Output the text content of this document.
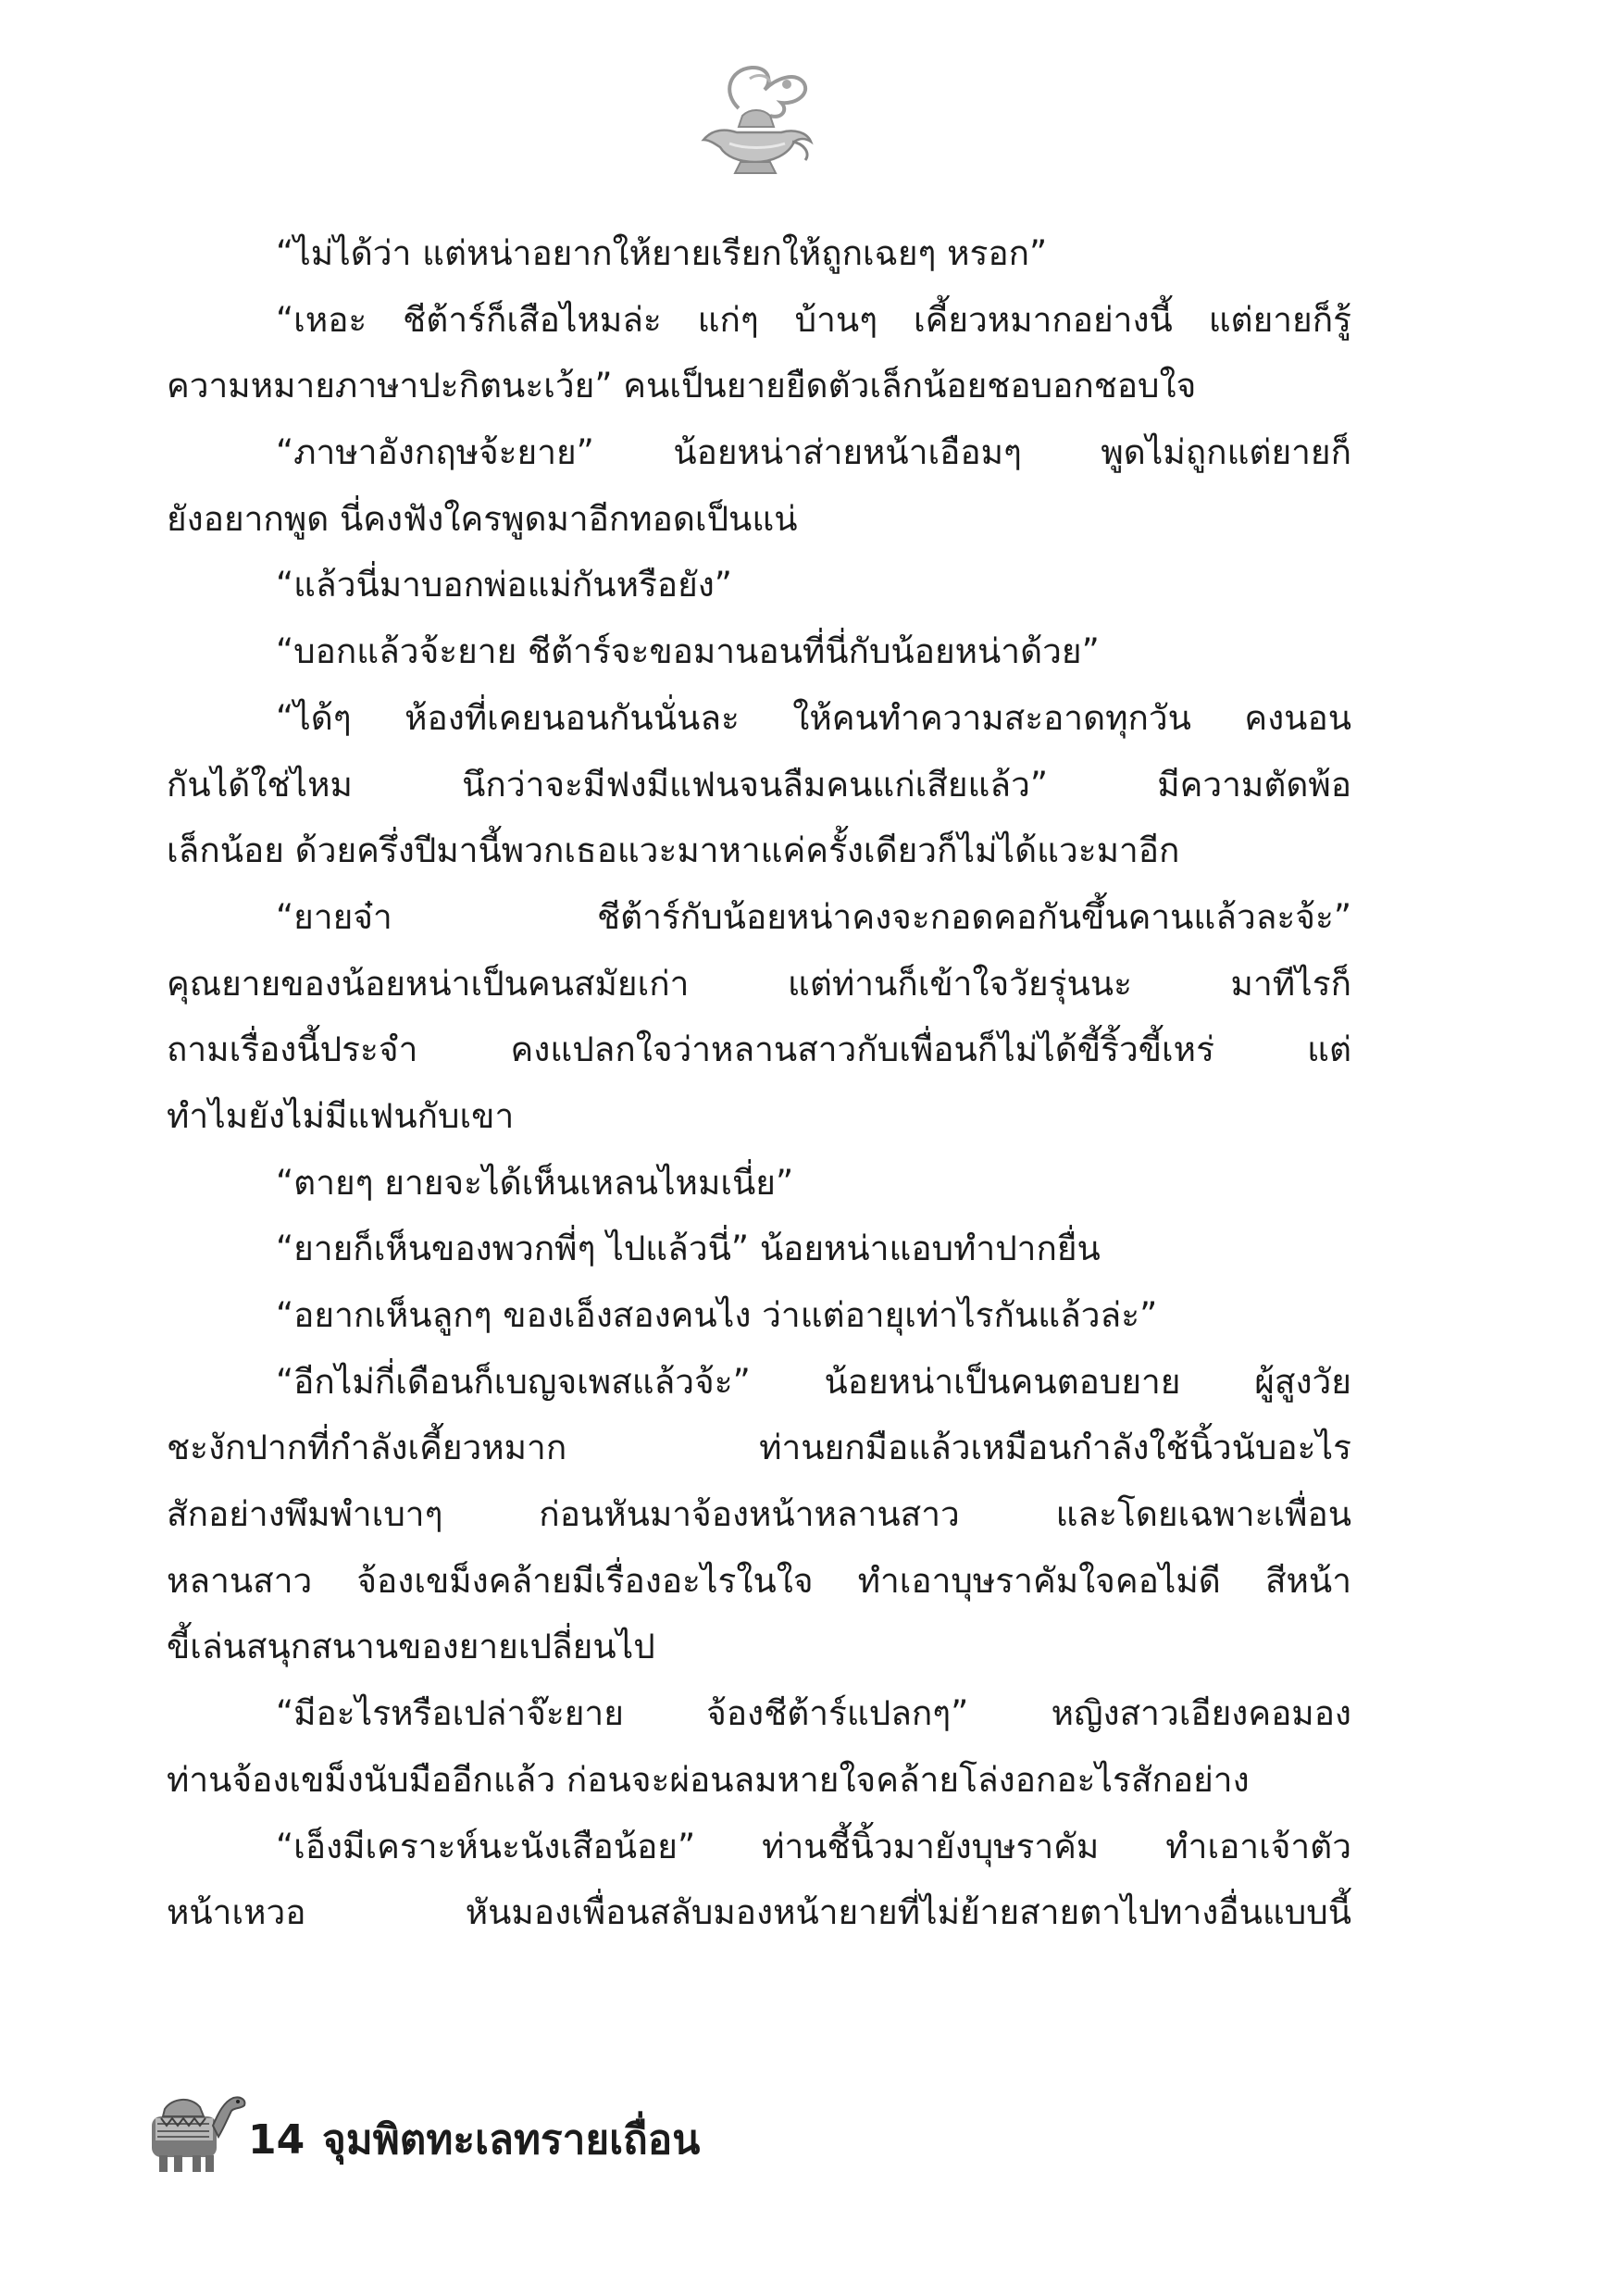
“ไม่ได้ว่า แต่หน่าอยากให้ยายเรียกให้ถูกเฉยๆ หรอก”
“เหอะ ชีต้าร์ก็เสือไหมล่ะ แก่ๆ บ้านๆ เคี้ยวหมากอย่างนี้ แต่ยายก็รู้
ความหมายภาษาปะกิตนะเว้ย” คนเป็นยายยืดตัวเล็กน้อยชอบอกชอบใจ
“ภาษาอังกฤษจ้ะยาย” น้อยหน่าส่ายหน้าเอือมๆ พูดไม่ถูกแต่ยายก็
ยังอยากพูด นี่คงฟังใครพูดมาอีกทอดเป็นแน่
“แล้วนี่มาบอกพ่อแม่กันหรือยัง”
“บอกแล้วจ้ะยาย ชีต้าร์จะขอมานอนที่นี่กับน้อยหน่าด้วย”
“ได้ๆ ห้องที่เคยนอนกันนั่นละ ให้คนทำความสะอาดทุกวัน คงนอน
กันได้ใช่ไหม นึกว่าจะมีฟงมีแฟนจนลืมคนแก่เสียแล้ว” มีความตัดพ้อ
เล็กน้อย ด้วยครึ่งปีมานี้พวกเธอแวะมาหาแค่ครั้งเดียวก็ไม่ได้แวะมาอีก
“ยายจ๋า ชีต้าร์กับน้อยหน่าคงจะกอดคอกันขึ้นคานแล้วละจ้ะ”
คุณยายของน้อยหน่าเป็นคนสมัยเก่า แต่ท่านก็เข้าใจวัยรุ่นนะ มาทีไรก็
ถามเรื่องนี้ประจำ คงแปลกใจว่าหลานสาวกับเพื่อนก็ไม่ได้ขี้ริ้วขี้เหร่ แต่
ทำไมยังไม่มีแฟนกับเขา
“ตายๆ ยายจะได้เห็นเหลนไหมเนี่ย”
“ยายก็เห็นของพวกพี่ๆ ไปแล้วนี่” น้อยหน่าแอบทำปากยื่น
“อยากเห็นลูกๆ ของเอ็งสองคนไง ว่าแต่อายุเท่าไรกันแล้วล่ะ”
“อีกไม่กี่เดือนก็เบญจเพสแล้วจ้ะ” น้อยหน่าเป็นคนตอบยาย ผู้สูงวัย
ชะงักปากที่กำลังเคี้ยวหมาก ท่านยกมือแล้วเหมือนกำลังใช้นิ้วนับอะไร
สักอย่างพึมพำเบาๆ ก่อนหันมาจ้องหน้าหลานสาว และโดยเฉพาะเพื่อน
หลานสาว จ้องเขม็งคล้ายมีเรื่องอะไรในใจ ทำเอาบุษราคัมใจคอไม่ดี สีหน้า
ขี้เล่นสนุกสนานของยายเปลี่ยนไป
“มีอะไรหรือเปล่าจ๊ะยาย จ้องชีต้าร์แปลกๆ” หญิงสาวเอียงคอมอง
ท่านจ้องเขม็งนับมืออีกแล้ว ก่อนจะผ่อนลมหายใจคล้ายโล่งอกอะไรสักอย่าง
“เอ็งมีเคราะห์นะนังเสือน้อย” ท่านชี้นิ้วมายังบุษราคัม ทำเอาเจ้าตัว
หน้าเหวอ หันมองเพื่อนสลับมองหน้ายายที่ไม่ย้ายสายตาไปทางอื่นแบบนี้
14 จุมพิตทะเลทรายเถื่อน
